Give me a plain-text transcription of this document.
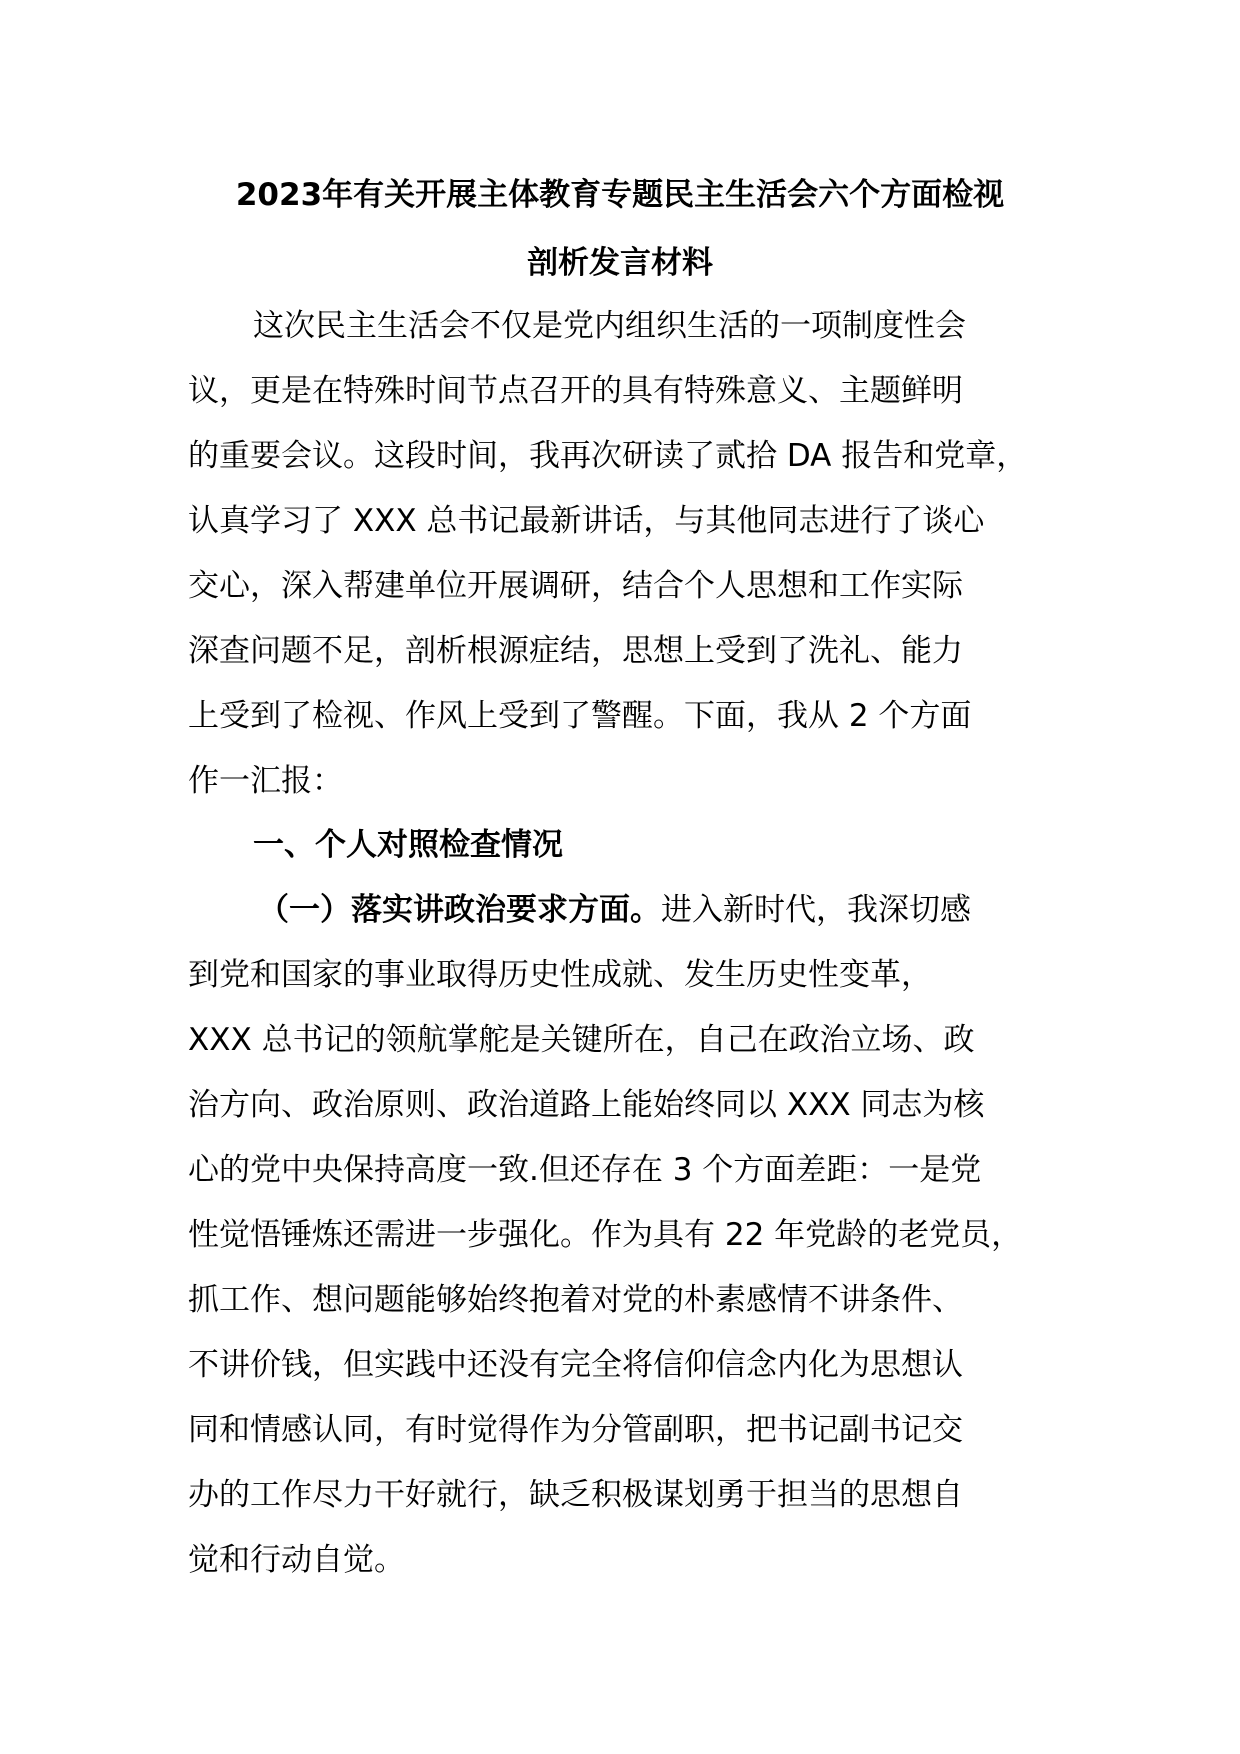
2023年有关开展主体教育专题民主生活会六个方面检视
剖析发言材料
这次民主生活会不仅是党内组织生活的一项制度性会
议，更是在特殊时间节点召开的具有特殊意义、主题鲜明
的重要会议。这段时间，我再次研读了贰拾 DA 报告和党章，
认真学习了 XXX 总书记最新讲话，与其他同志进行了谈心
交心，深入帮建单位开展调研，结合个人思想和工作实际
深查问题不足，剖析根源症结，思想上受到了洗礼、能力
上受到了检视、作风上受到了警醒。下面，我从 2 个方面
作一汇报：
一、个人对照检查情况
（一）落实讲政治要求方面。进入新时代，我深切感
到党和国家的事业取得历史性成就、发生历史性变革，
XXX 总书记的领航掌舵是关键所在，自己在政治立场、政
治方向、政治原则、政治道路上能始终同以 XXX 同志为核
心的党中央保持高度一致.但还存在 3 个方面差距：一是党
性觉悟锤炼还需进一步强化。作为具有 22 年党龄的老党员，
抓工作、想问题能够始终抱着对党的朴素感情不讲条件、
不讲价钱，但实践中还没有完全将信仰信念内化为思想认
同和情感认同，有时觉得作为分管副职，把书记副书记交
办的工作尽力干好就行，缺乏积极谋划勇于担当的思想自
觉和行动自觉。
